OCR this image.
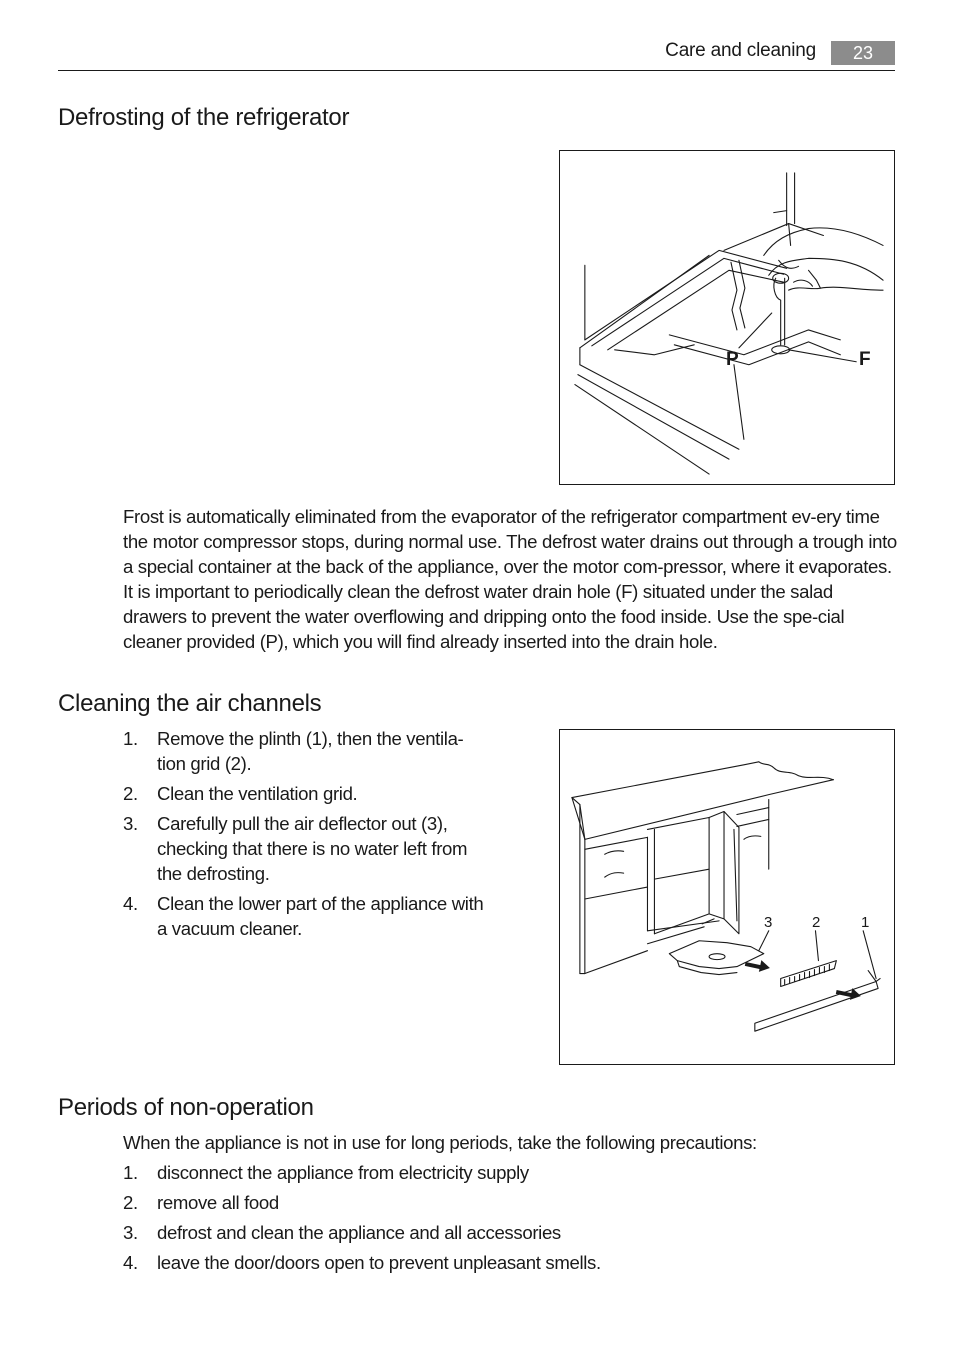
Care and cleaning	23
Defrosting of the refrigerator
P	F

Frost is automatically eliminated from the evaporator of the refrigerator compartment ev-ery time the motor compressor stops, during normal use. The defrost water drains out through a trough into a special container at the back of the appliance, over the motor com-pressor, where it evaporates.

It is important to periodically clean the defrost water drain hole (F) situated under the salad drawers to prevent the water overflowing and dripping onto the food inside. Use the spe-cial cleaner provided (P), which you will find already inserted into the drain hole.

Cleaning the air channels
1. Remove the plinth (1), then the ventila-
tion grid (2).
2. Clean the ventilation grid.
3. Carefully pull the air deflector out (3),
checking that there is no water left from
the defrosting.
4. Clean the lower part of the appliance with
a vacuum cleaner.	3	2	1
Periods of non-operation
When the appliance is not in use for long periods, take the following precautions:
1. disconnect the appliance from electricity supply
2. remove all food
3. defrost and clean the appliance and all accessories
4. leave the door/doors open to prevent unpleasant smells.
